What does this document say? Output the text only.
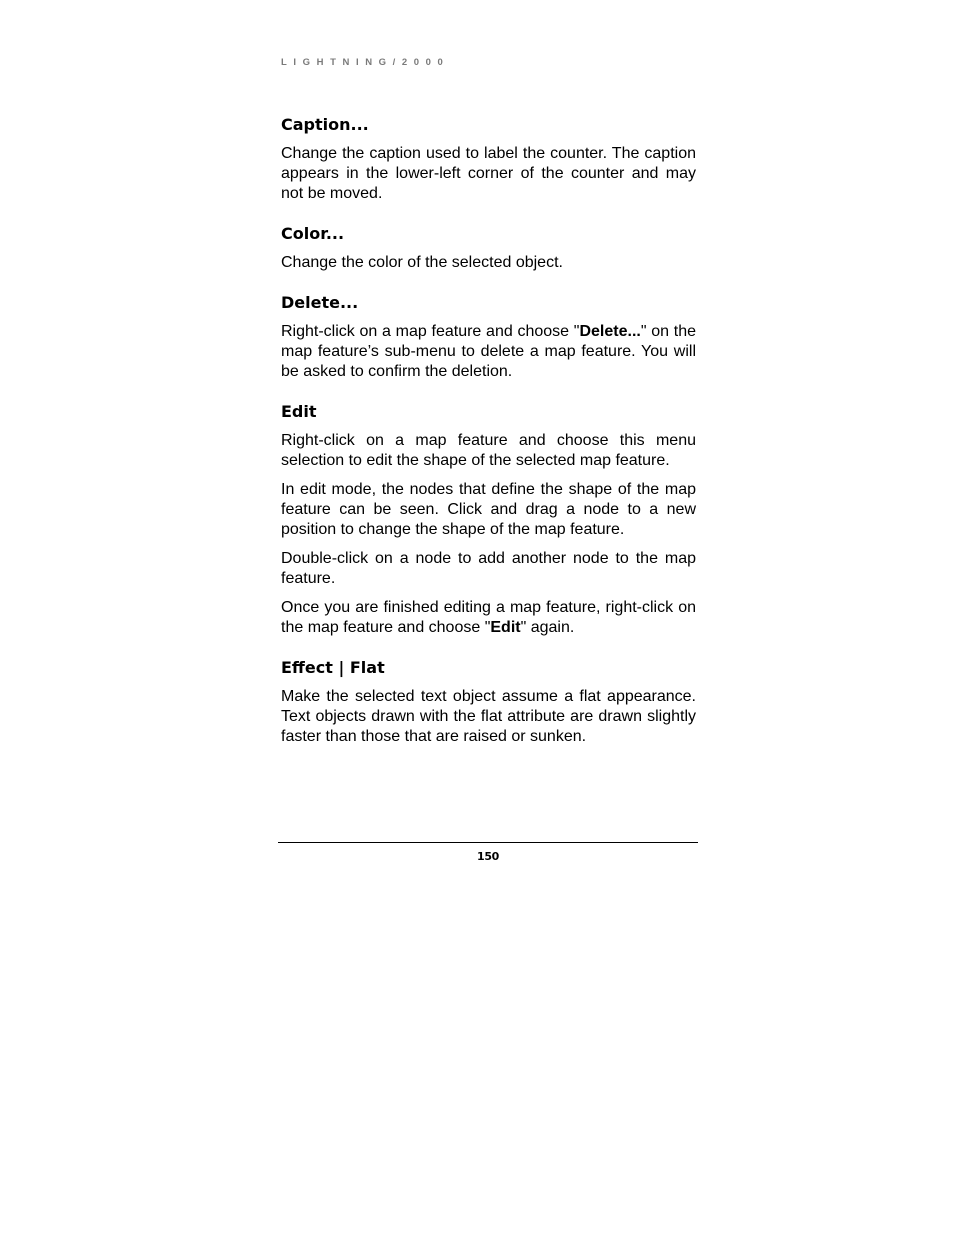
LIGHTNING/2000
Caption...

Change the caption used to label the counter. The caption appears in the lower-left corner of the counter and may not be moved.

Color...

Change the color of the selected object.

Delete...

Right-click on a map feature and choose "Delete..." on the map feature’s sub-menu to delete a map feature. You will be asked to confirm the deletion.

Edit

Right-click on a map feature and choose this menu selection to edit the shape of the selected map feature.

In edit mode, the nodes that define the shape of the map feature can be seen. Click and drag a node to a new position to change the shape of the map feature.

Double-click on a node to add another node to the map feature.

Once you are finished editing a map feature, right-click on the map feature and choose "Edit" again.

Effect | Flat

Make the selected text object assume a flat appearance. Text objects drawn with the flat attribute are drawn slightly faster than those that are raised or sunken.

150
